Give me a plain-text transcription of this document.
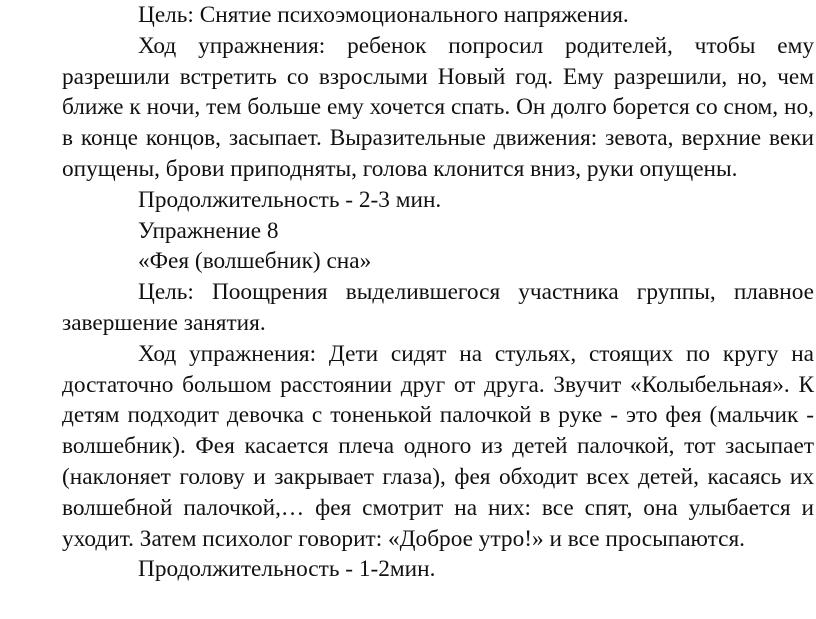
Цель: Снятие психоэмоционального напряжения.

Ход упражнения: ребенок попросил родителей, чтобы ему разрешили встретить со взрослыми Новый год. Ему разрешили, но, чем ближе к ночи, тем больше ему хочется спать. Он долго борется со сном, но, в конце концов, засыпает. Выразительные движения: зевота, верхние веки опущены, брови приподняты, голова клонится вниз, руки опущены.

Продолжительность - 2-3 мин.

Упражнение 8

«Фея (волшебник) сна»

Цель: Поощрения выделившегося участника группы, плавное завершение занятия.

Ход упражнения: Дети сидят на стульях, стоящих по кругу на достаточно большом расстоянии друг от друга. Звучит «Колыбельная». К детям подходит девочка с тоненькой палочкой в руке - это фея (мальчик - волшебник). Фея касается плеча одного из детей палочкой, тот засыпает (наклоняет голову и закрывает глаза), фея обходит всех детей, касаясь их волшебной палочкой,… фея смотрит на них: все спят, она улыбается и уходит. Затем психолог говорит: «Доброе утро!» и все просыпаются.

Продолжительность - 1-2мин.
